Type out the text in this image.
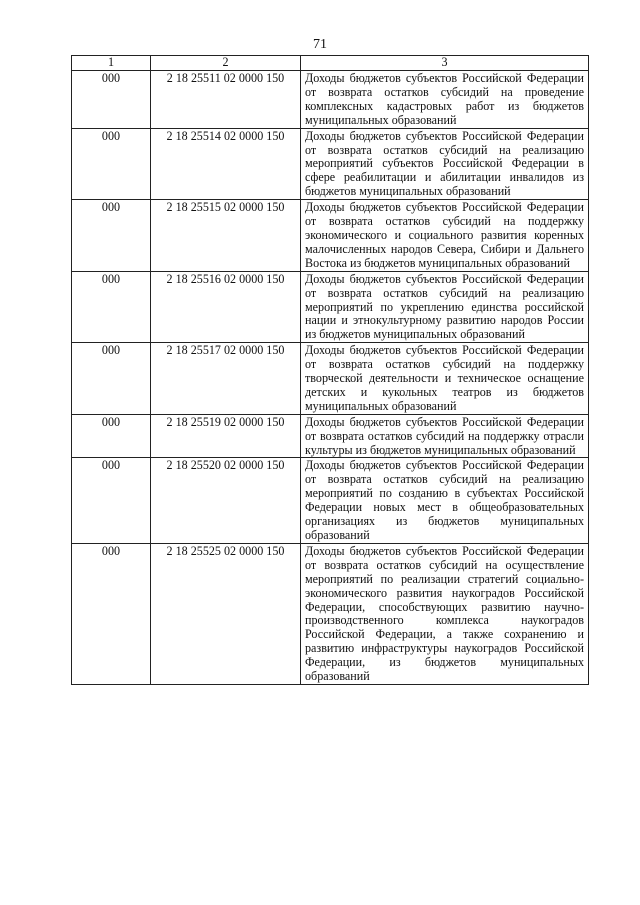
71
1	2	3
000	2 18 25511 02 0000 150	Доходы бюджетов субъектов Российской Федерации от возврата остатков субсидий на проведение комплексных кадастровых работ из бюджетов муниципальных образований
000	2 18 25514 02 0000 150	Доходы бюджетов субъектов Российской Федерации от возврата остатков субсидий на реализацию мероприятий субъектов Российской Федерации в сфере реабилитации и абилитации инвалидов из бюджетов муниципальных образований
000	2 18 25515 02 0000 150	Доходы бюджетов субъектов Российской Федерации от возврата остатков субсидий на поддержку экономического и социального развития коренных малочисленных народов Севера, Сибири и Дальнего Востока из бюджетов муниципальных образований
000	2 18 25516 02 0000 150	Доходы бюджетов субъектов Российской Федерации от возврата остатков субсидий на реализацию мероприятий по укреплению единства российской нации и этнокультурному развитию народов России из бюджетов муниципальных образований
000	2 18 25517 02 0000 150	Доходы бюджетов субъектов Российской Федерации от возврата остатков субсидий на поддержку творческой деятельности и техническое оснащение детских и кукольных театров из бюджетов муниципальных образований
000	2 18 25519 02 0000 150	Доходы бюджетов субъектов Российской Федерации от возврата остатков субсидий на поддержку отрасли культуры из бюджетов муниципальных образований
000	2 18 25520 02 0000 150	Доходы бюджетов субъектов Российской Федерации от возврата остатков субсидий на реализацию мероприятий по созданию в субъектах Российской Федерации новых мест в общеобразовательных организациях из бюджетов муниципальных образований
000	2 18 25525 02 0000 150	Доходы бюджетов субъектов Российской Федерации от возврата остатков субсидий на осуществление мероприятий по реализации стратегий социально-экономического развития наукоградов Российской Федерации, способствующих развитию научно-производственного комплекса наукоградов Российской Федерации, а также сохранению и развитию инфраструктуры наукоградов Российской Федерации, из бюджетов муниципальных образований
